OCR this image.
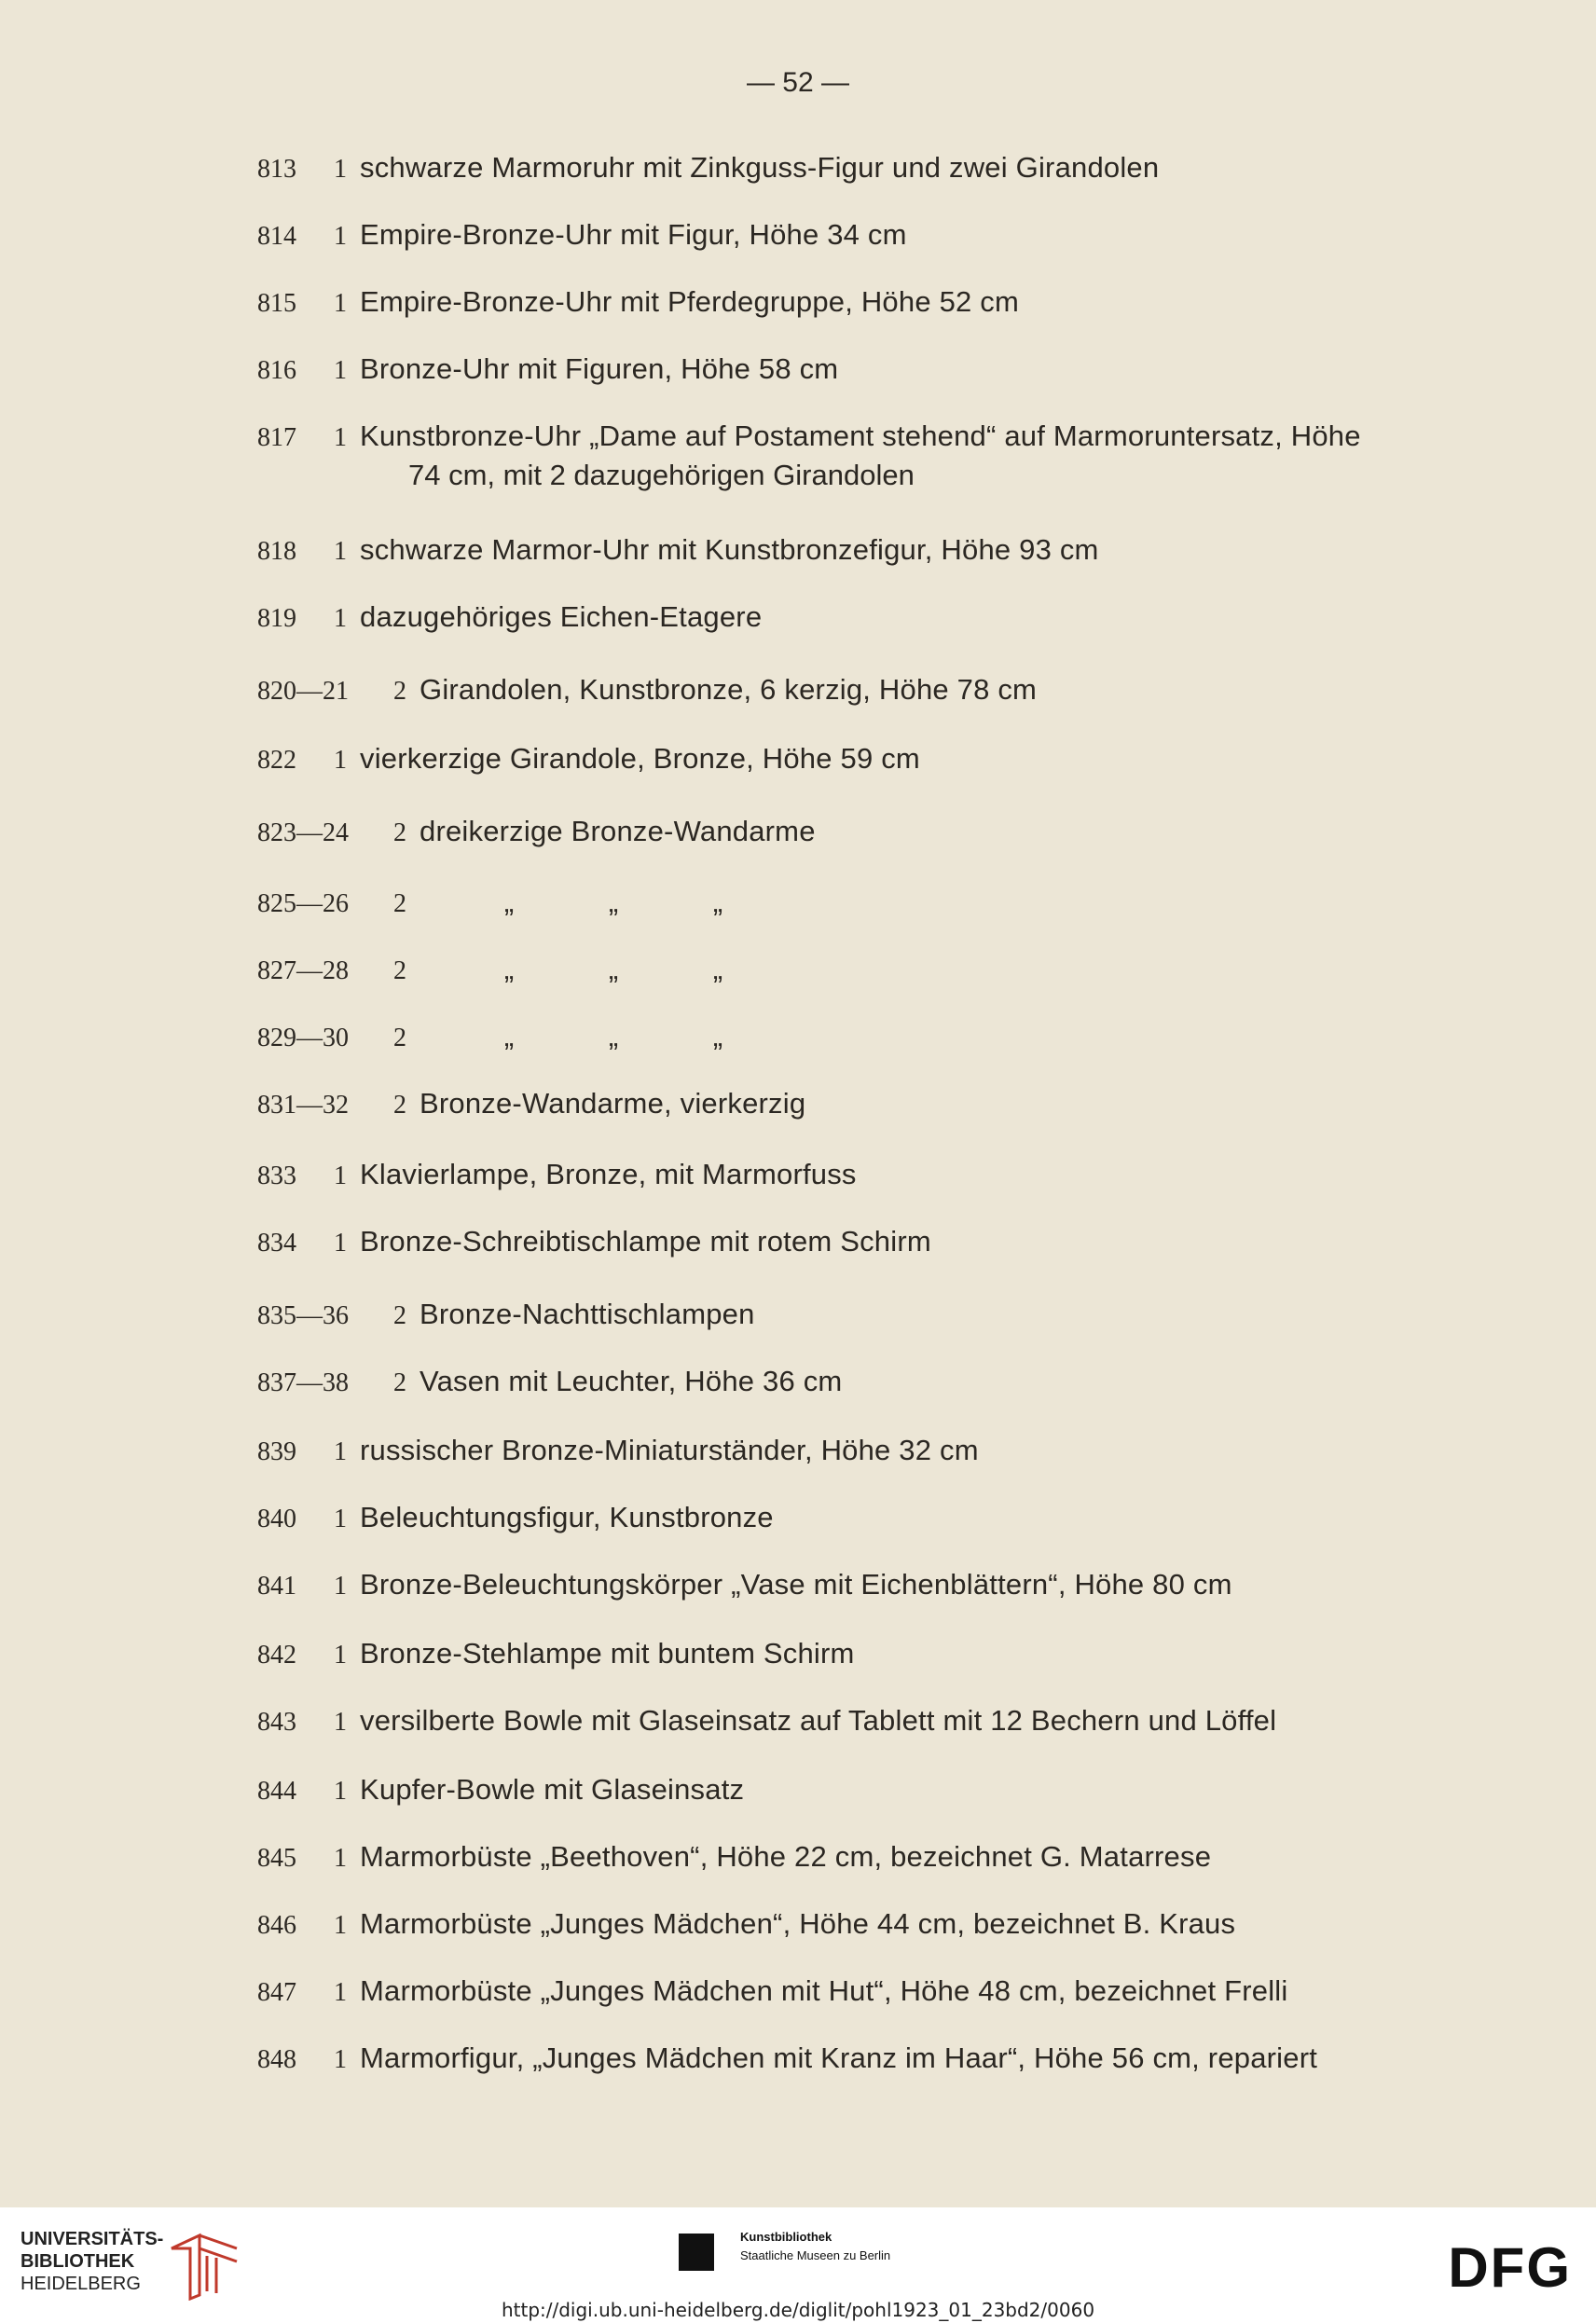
— 52 —
813 1 schwarze Marmoruhr mit Zinkguss-Figur und zwei Girandolen
814 1 Empire-Bronze-Uhr mit Figur, Höhe 34 cm
815 1 Empire-Bronze-Uhr mit Pferdegruppe, Höhe 52 cm
816 1 Bronze-Uhr mit Figuren, Höhe 58 cm
817 1 Kunstbronze-Uhr „Dame auf Postament stehend“ auf Marmoruntersatz, Höhe
74 cm, mit 2 dazugehörigen Girandolen
818 1 schwarze Marmor-Uhr mit Kunstbronzefigur, Höhe 93 cm
819 1 dazugehöriges Eichen-Etagere
820—21 2 Girandolen, Kunstbronze, 6 kerzig, Höhe 78 cm
822 1 vierkerzige Girandole, Bronze, Höhe 59 cm
823—24 2 dreikerzige Bronze-Wandarme
825—26 2	„	„	„
827—28 2	„	„	„
829—30 2	„	„	„
831—32 2 Bronze-Wandarme, vierkerzig
833 1 Klavierlampe, Bronze, mit Marmorfuss
834 1 Bronze-Schreibtischlampe mit rotem Schirm
835—36 2 Bronze-Nachttischlampen
837—38 2 Vasen mit Leuchter, Höhe 36 cm
839 1 russischer Bronze-Miniaturständer, Höhe 32 cm
840 1 Beleuchtungsfigur, Kunstbronze
841 1 Bronze-Beleuchtungskörper „Vase mit Eichenblättern“, Höhe 80 cm
842 1 Bronze-Stehlampe mit buntem Schirm
843 1 versilberte Bowle mit Glaseinsatz auf Tablett mit 12 Bechern und Löffel
844 1 Kupfer-Bowle mit Glaseinsatz
845 1 Marmorbüste „Beethoven“, Höhe 22 cm, bezeichnet G. Matarrese
846 1 Marmorbüste „Junges Mädchen“, Höhe 44 cm, bezeichnet B. Kraus
847 1 Marmorbüste „Junges Mädchen mit Hut“, Höhe 48 cm, bezeichnet Frelli
848 1 Marmorfigur, „Junges Mädchen mit Kranz im Haar“, Höhe 56 cm, repariert
UNIVERSITÄTS-
BIBLIOTHEK
HEIDELBERG
Kunstbibliothek
Staatliche Museen zu Berlin	DFG
http://digi.ub.uni-heidelberg.de/diglit/pohl1923_01_23bd2/0060
